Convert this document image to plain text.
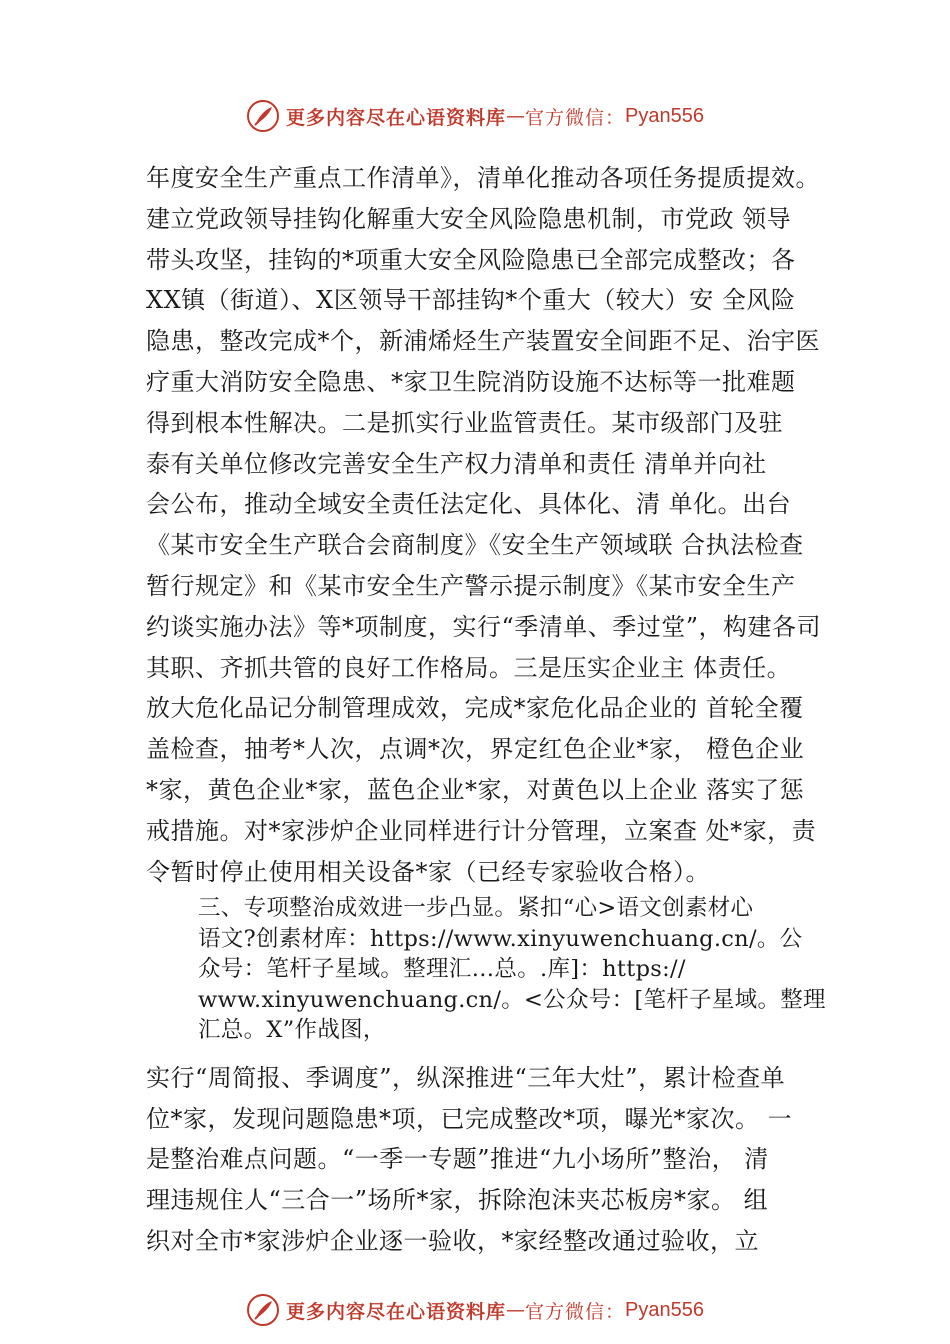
更多内容尽在心语资料库 — 官方微信： Pyan556

年度安全生产重点工作清单》，清单化推动各项任务提质提效。

建立党政领导挂钩化解重大安全风险隐患机制，市党政 领导

带头攻坚，挂钩的*项重大安全风险隐患已全部完成整改；各

XX镇（街道）、X区领导干部挂钩*个重大（较大）安 全风险

隐患，整改完成*个，新浦烯烃生产装置安全间距不足、治宇医

疗重大消防安全隐患、*家卫生院消防设施不达标等一批难题

得到根本性解决。二是抓实行业监管责任。某市级部门及驻

泰有关单位修改完善安全生产权力清单和责任 清单并向社

会公布，推动全域安全责任法定化、具体化、清 单化。出台

《某市安全生产联合会商制度》《安全生产领域联 合执法检查

暂行规定》和《某市安全生产警示提示制度》《某市安全生产

约谈实施办法》等*项制度，实行“季清单、季过堂”，构建各司

其职、齐抓共管的良好工作格局。三是压实企业主 体责任。

放大危化品记分制管理成效，完成*家危化品企业的 首轮全覆

盖检查，抽考*人次，点调*次，界定红色企业*家， 橙色企业

*家，黄色企业*家，蓝色企业*家，对黄色以上企业 落实了惩

戒措施。对*家涉炉企业同样进行计分管理，立案查 处*家，责

令暂时停止使用相关设备*家（已经专家验收合格）。

三、专项整治成效进一步凸显。紧扣“心>语文创素材心

语文?创素材库：https://www.xinyuwenchuang.cn/。公

众号：笔杆子星域。整理汇…总。.库]：https://

www.xinyuwenchuang.cn/。<公众号：[笔杆子星域。整理

汇总。X”作战图，

实行“周简报、季调度”，纵深推进“三年大灶”，累计检查单

位*家，发现问题隐患*项，已完成整改*项，曝光*家次。 一

是整治难点问题。“一季一专题”推进“九小场所”整治， 清

理违规住人“三合一”场所*家，拆除泡沫夹芯板房*家。 组

织对全市*家涉炉企业逐一验收，*家经整改通过验收，立

更多内容尽在心语资料库 — 官方微信： Pyan556
